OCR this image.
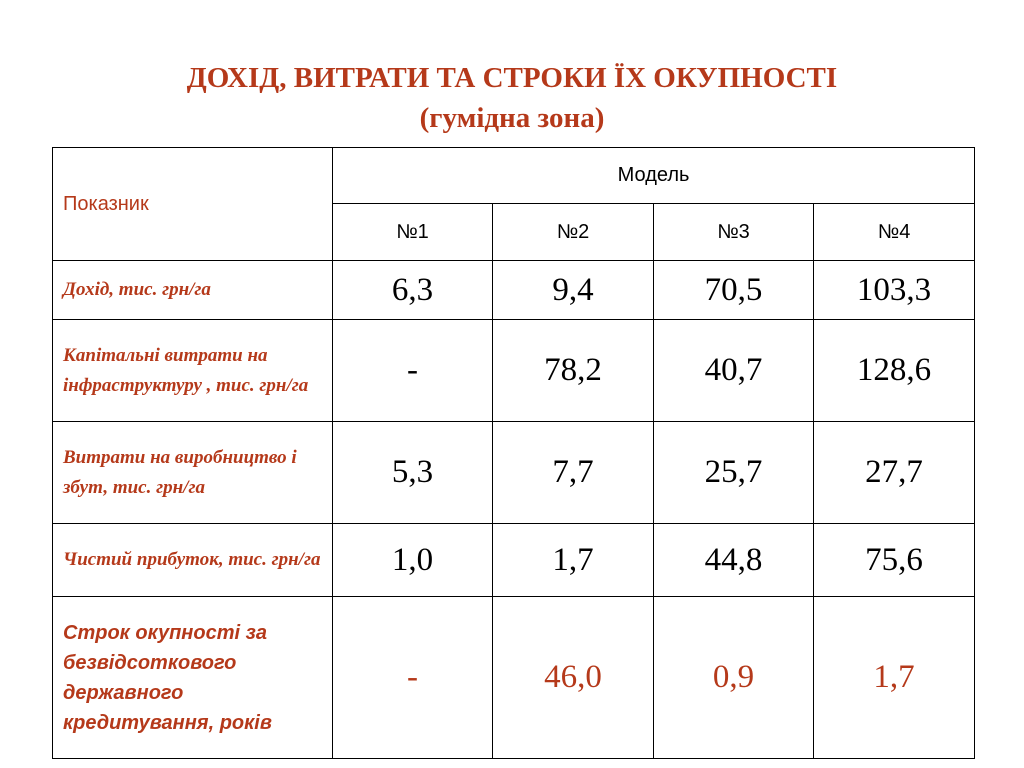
ДОХІД, ВИТРАТИ ТА СТРОКИ ЇХ ОКУПНОСТІ
(гумідна зона)
Показник	Модель			
	№1	№2	№3	№4
Дохід, тис. грн/га	6,3	9,4	70,5	103,3
Капітальні витрати на інфраструктуру , тис. грн/га	-	78,2	40,7	128,6
Витрати на виробництво і збут, тис. грн/га	5,3	7,7	25,7	27,7
Чистий прибуток, тис. грн/га	1,0	1,7	44,8	75,6
Строк окупності за безвідсоткового державного кредитування, років	-	46,0	0,9	1,7
